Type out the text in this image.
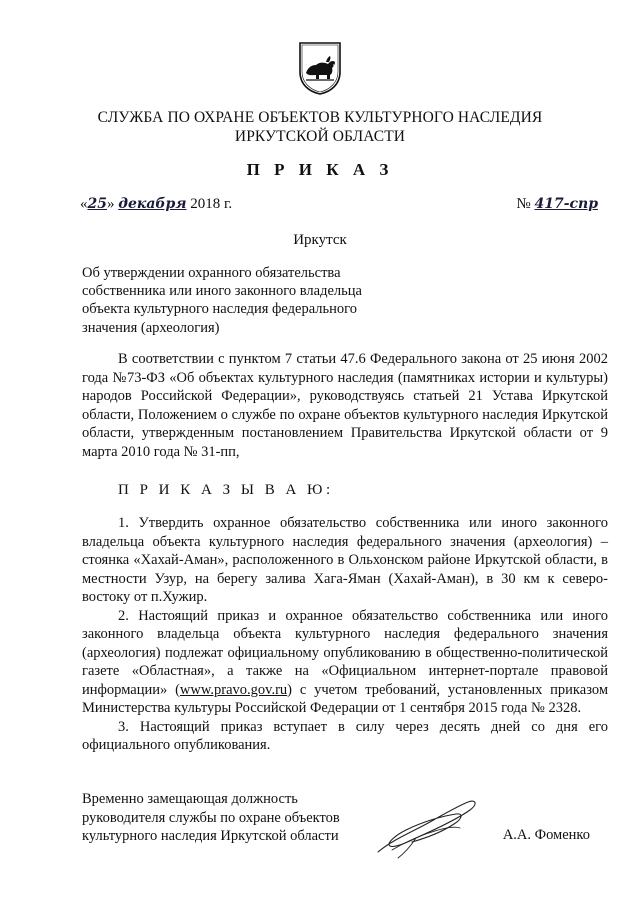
СЛУЖБА ПО ОХРАНЕ ОБЪЕКТОВ КУЛЬТУРНОГО НАСЛЕДИЯ
ИРКУТСКОЙ ОБЛАСТИ
П Р И К А З
«25» декабря 2018 г.	№ 417-спр
Иркутск
Об утверждении охранного обязательства
собственника или иного законного владельца
объекта культурного наследия федерального
значения (археология)

В соответствии с пунктом 7 статьи 47.6 Федерального закона от 25 июня 2002 года №73-ФЗ «Об объектах культурного наследия (памятниках истории и культуры) народов Российской Федерации», руководствуясь статьей 21 Устава Иркутской области, Положением о службе по охране объектов культурного наследия Иркутской области, утвержденным постановлением Правительства Иркутской области от 9 марта 2010 года № 31-пп,

П Р И К А З Ы В А Ю:

1. Утвердить охранное обязательство собственника или иного законного владельца объекта культурного наследия федерального значения (археология) – стоянка «Хахай-Аман», расположенного в Ольхонском районе Иркутской области, в местности Узур, на берегу залива Хага-Яман (Хахай-Аман), в 30 км к северо-востоку от п.Хужир.

2. Настоящий приказ и охранное обязательство собственника или иного законного владельца объекта культурного наследия федерального значения (археология) подлежат официальному опубликованию в общественно-политической газете «Областная», а также на «Официальном интернет-портале правовой информации» (www.pravo.gov.ru) с учетом требований, установленных приказом Министерства культуры Российской Федерации от 1 сентября 2015 года № 2328.

3. Настоящий приказ вступает в силу через десять дней со дня его официального опубликования.

Временно замещающая должность
руководителя службы по охране объектов
культурного наследия Иркутской области	А.А. Фоменко
